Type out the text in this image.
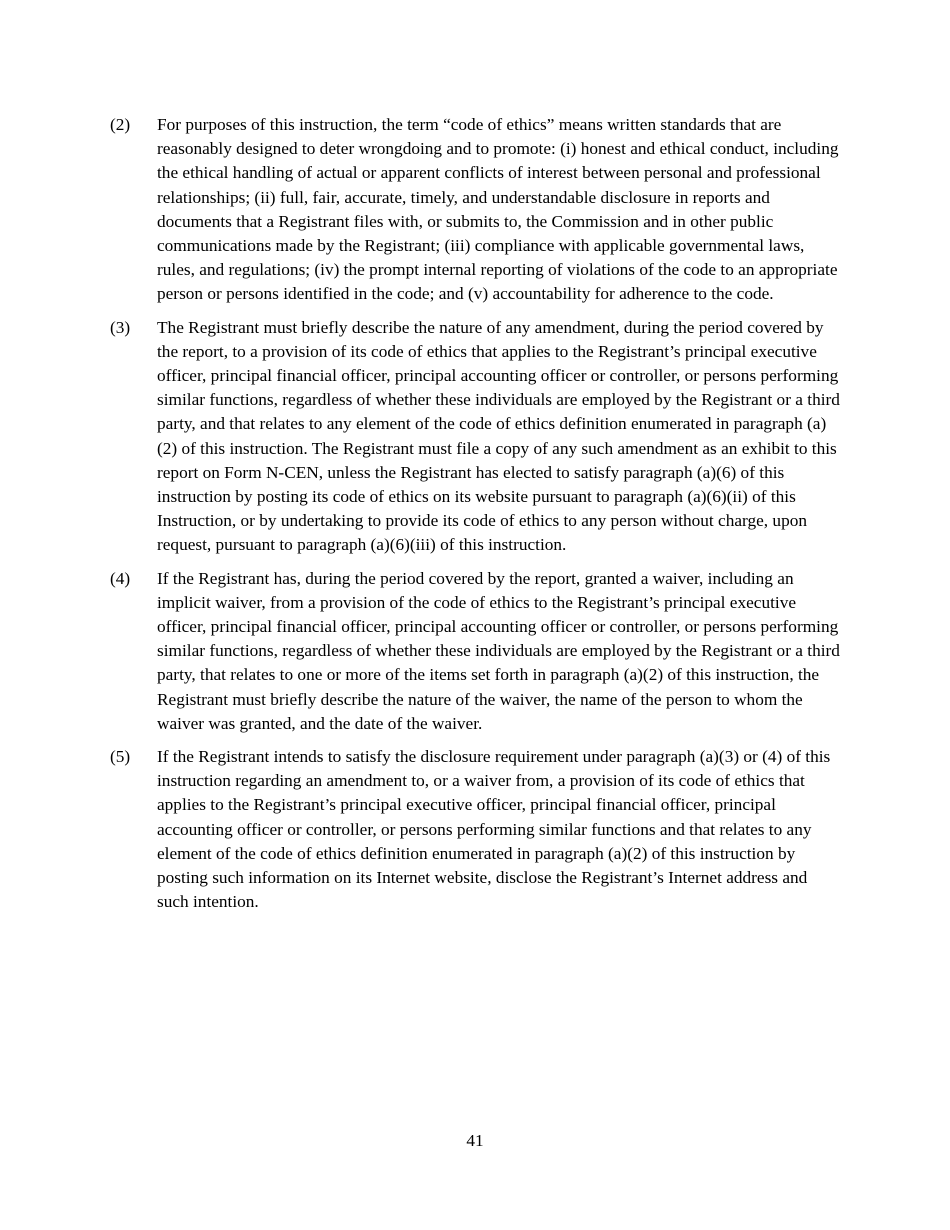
(2)	For purposes of this instruction, the term “code of ethics” means written standards that are reasonably designed to deter wrongdoing and to promote: (i) honest and ethical conduct, including the ethical handling of actual or apparent conflicts of interest between personal and professional relationships; (ii) full, fair, accurate, timely, and understandable disclosure in reports and documents that a Registrant files with, or submits to, the Commission and in other public communications made by the Registrant; (iii) compliance with applicable governmental laws, rules, and regulations; (iv) the prompt internal reporting of violations of the code to an appropriate person or persons identified in the code; and (v) accountability for adherence to the code.

(3)	The Registrant must briefly describe the nature of any amendment, during the period covered by the report, to a provision of its code of ethics that applies to the Registrant’s principal executive officer, principal financial officer, principal accounting officer or controller, or persons performing similar functions, regardless of whether these individuals are employed by the Registrant or a third party, and that relates to any element of the code of ethics definition enumerated in paragraph (a)(2) of this instruction. The Registrant must file a copy of any such amendment as an exhibit to this report on Form N-CEN, unless the Registrant has elected to satisfy paragraph (a)(6) of this instruction by posting its code of ethics on its website pursuant to paragraph (a)(6)(ii) of this Instruction, or by undertaking to provide its code of ethics to any person without charge, upon request, pursuant to paragraph (a)(6)(iii) of this instruction.

(4)	If the Registrant has, during the period covered by the report, granted a waiver, including an implicit waiver, from a provision of the code of ethics to the Registrant’s principal executive officer, principal financial officer, principal accounting officer or controller, or persons performing similar functions, regardless of whether these individuals are employed by the Registrant or a third party, that relates to one or more of the items set forth in paragraph (a)(2) of this instruction, the Registrant must briefly describe the nature of the waiver, the name of the person to whom the waiver was granted, and the date of the waiver.

(5)	If the Registrant intends to satisfy the disclosure requirement under paragraph (a)(3) or (4) of this instruction regarding an amendment to, or a waiver from, a provision of its code of ethics that applies to the Registrant’s principal executive officer, principal financial officer, principal accounting officer or controller, or persons performing similar functions and that relates to any element of the code of ethics definition enumerated in paragraph (a)(2) of this instruction by posting such information on its Internet website, disclose the Registrant’s Internet address and such intention.

41
